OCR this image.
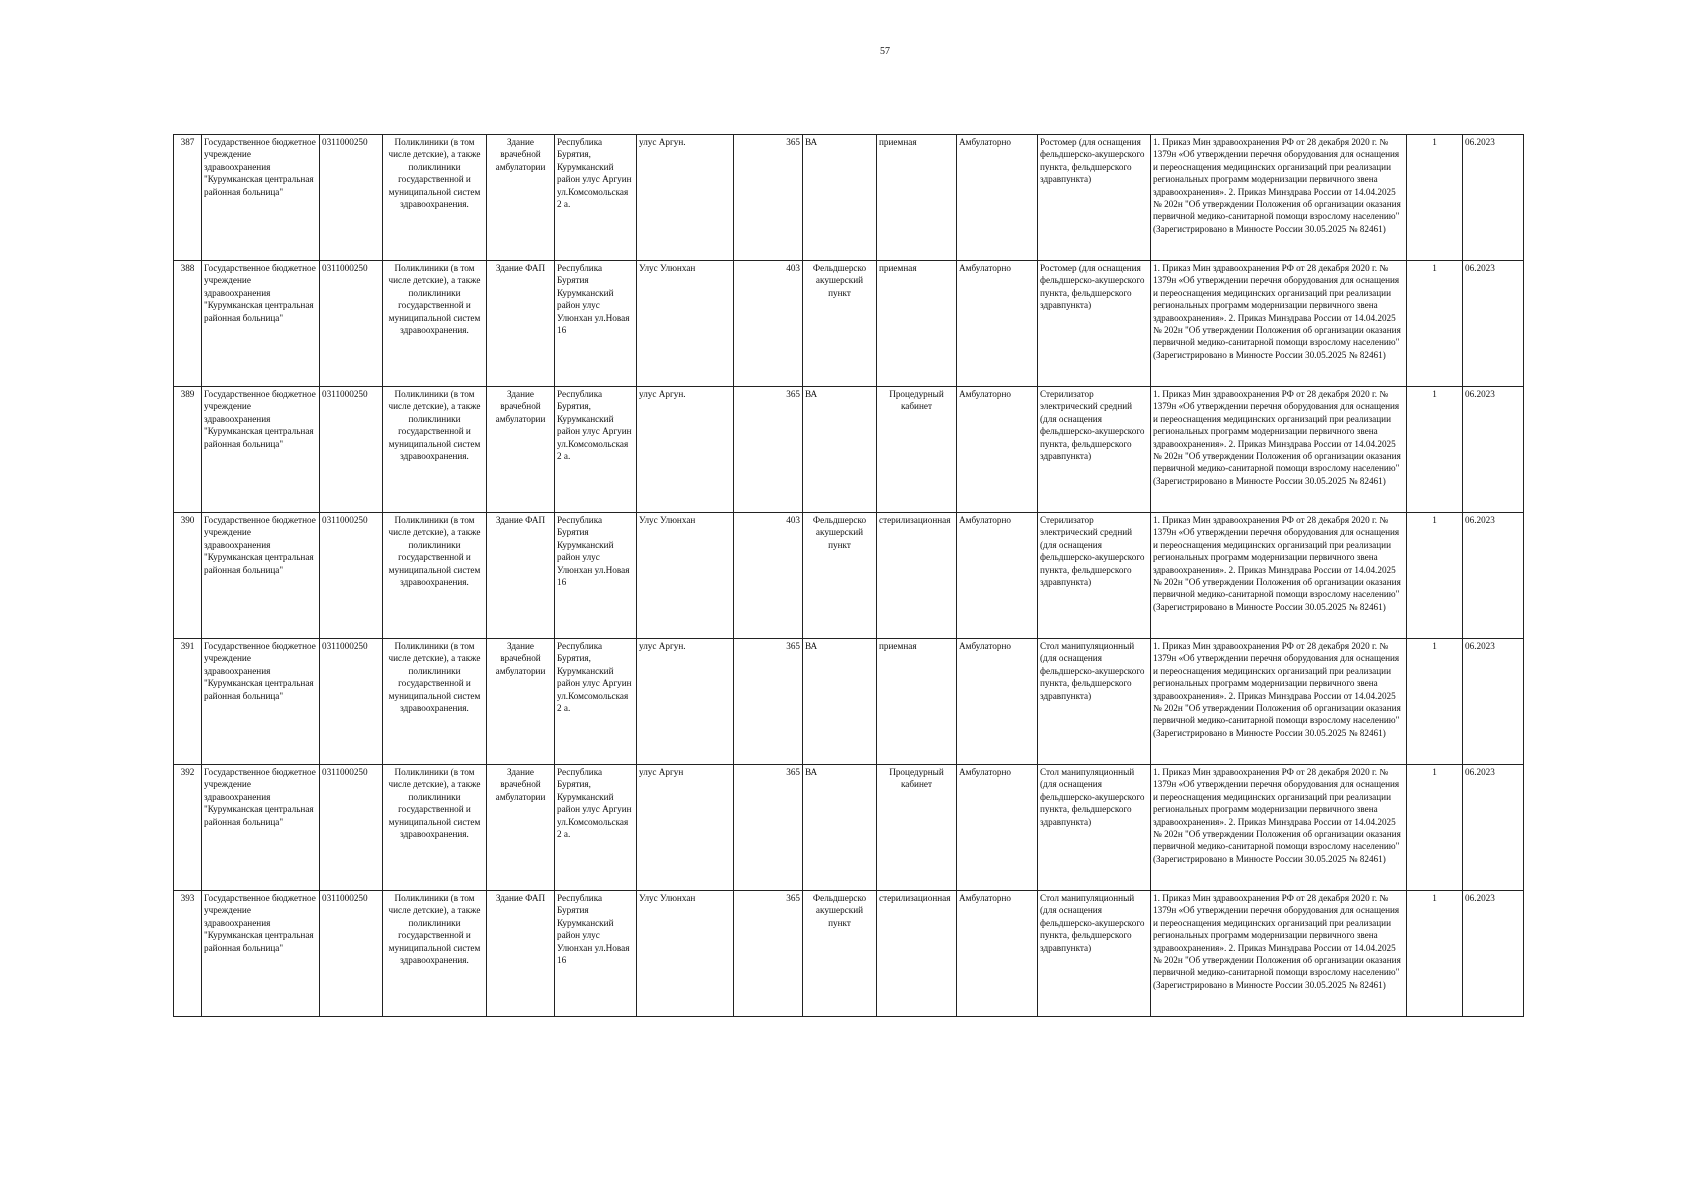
57
387	Государственное бюджетное учреждение здравоохранения "Курумканская центральная районная больница"	0311000250	Поликлиники (в том числе детские), а также поликлиники государственной и муниципальной систем здравоохранения.	Здание врачебной амбулатории	Республика Бурятия, Курумканский район улус Аргуин ул.Комсомольская 2 а.	улус Аргун.	365	ВА	приемная	Амбулаторно	Ростомер (для оснащения фельдшерско-акушерского пункта, фельдшерского здравпункта)	1. Приказ Мин здравоохранения РФ от 28 декабря 2020 г. № 1379н «Об утверждении перечня оборудования для оснащения и переоснащения медицинских организаций при реализации региональных программ модернизации первичного звена здравоохранения». 2. Приказ Минздрава России от 14.04.2025 № 202н "Об утверждении Положения об организации оказания первичной медико-санитарной помощи взрослому населению" (Зарегистрировано в Минюсте России 30.05.2025 № 82461)	1	06.2023
388	Государственное бюджетное учреждение здравоохранения "Курумканская центральная районная больница"	0311000250	Поликлиники (в том числе детские), а также поликлиники государственной и муниципальной систем здравоохранения.	Здание ФАП	Республика Бурятия Курумканский район улус Улюнхан ул.Новая 16	Улус Улюнхан	403	Фельдшерско акушерский пункт	приемная	Амбулаторно	Ростомер (для оснащения фельдшерско-акушерского пункта, фельдшерского здравпункта)	1. Приказ Мин здравоохранения РФ от 28 декабря 2020 г. № 1379н «Об утверждении перечня оборудования для оснащения и переоснащения медицинских организаций при реализации региональных программ модернизации первичного звена здравоохранения». 2. Приказ Минздрава России от 14.04.2025 № 202н "Об утверждении Положения об организации оказания первичной медико-санитарной помощи взрослому населению" (Зарегистрировано в Минюсте России 30.05.2025 № 82461)	1	06.2023
389	Государственное бюджетное учреждение здравоохранения "Курумканская центральная районная больница"	0311000250	Поликлиники (в том числе детские), а также поликлиники государственной и муниципальной систем здравоохранения.	Здание врачебной амбулатории	Республика Бурятия, Курумканский район улус Аргуин ул.Комсомольская 2 а.	улус Аргун.	365	ВА	Процедурный кабинет	Амбулаторно	Стерилизатор электрический средний (для оснащения фельдшерско-акушерского пункта, фельдшерского здравпункта)	1. Приказ Мин здравоохранения РФ от 28 декабря 2020 г. № 1379н «Об утверждении перечня оборудования для оснащения и переоснащения медицинских организаций при реализации региональных программ модернизации первичного звена здравоохранения». 2. Приказ Минздрава России от 14.04.2025 № 202н "Об утверждении Положения об организации оказания первичной медико-санитарной помощи взрослому населению" (Зарегистрировано в Минюсте России 30.05.2025 № 82461)	1	06.2023
390	Государственное бюджетное учреждение здравоохранения "Курумканская центральная районная больница"	0311000250	Поликлиники (в том числе детские), а также поликлиники государственной и муниципальной систем здравоохранения.	Здание ФАП	Республика Бурятия Курумканский район улус Улюнхан ул.Новая 16	Улус Улюнхан	403	Фельдшерско акушерский пункт	стерилизационная	Амбулаторно	Стерилизатор электрический средний (для оснащения фельдшерско-акушерского пункта, фельдшерского здравпункта)	1. Приказ Мин здравоохранения РФ от 28 декабря 2020 г. № 1379н «Об утверждении перечня оборудования для оснащения и переоснащения медицинских организаций при реализации региональных программ модернизации первичного звена здравоохранения». 2. Приказ Минздрава России от 14.04.2025 № 202н "Об утверждении Положения об организации оказания первичной медико-санитарной помощи взрослому населению" (Зарегистрировано в Минюсте России 30.05.2025 № 82461)	1	06.2023
391	Государственное бюджетное учреждение здравоохранения "Курумканская центральная районная больница"	0311000250	Поликлиники (в том числе детские), а также поликлиники государственной и муниципальной систем здравоохранения.	Здание врачебной амбулатории	Республика Бурятия, Курумканский район улус Аргуин ул.Комсомольская 2 а.	улус Аргун.	365	ВА	приемная	Амбулаторно	Стол манипуляционный (для оснащения фельдшерско-акушерского пункта, фельдшерского здравпункта)	1. Приказ Мин здравоохранения РФ от 28 декабря 2020 г. № 1379н «Об утверждении перечня оборудования для оснащения и переоснащения медицинских организаций при реализации региональных программ модернизации первичного звена здравоохранения». 2. Приказ Минздрава России от 14.04.2025 № 202н "Об утверждении Положения об организации оказания первичной медико-санитарной помощи взрослому населению" (Зарегистрировано в Минюсте России 30.05.2025 № 82461)	1	06.2023
392	Государственное бюджетное учреждение здравоохранения "Курумканская центральная районная больница"	0311000250	Поликлиники (в том числе детские), а также поликлиники государственной и муниципальной систем здравоохранения.	Здание врачебной амбулатории	Республика Бурятия, Курумканский район улус Аргуин ул.Комсомольская 2 а.	улус Аргун	365	ВА	Процедурный кабинет	Амбулаторно	Стол манипуляционный (для оснащения фельдшерско-акушерского пункта, фельдшерского здравпункта)	1. Приказ Мин здравоохранения РФ от 28 декабря 2020 г. № 1379н «Об утверждении перечня оборудования для оснащения и переоснащения медицинских организаций при реализации региональных программ модернизации первичного звена здравоохранения». 2. Приказ Минздрава России от 14.04.2025 № 202н "Об утверждении Положения об организации оказания первичной медико-санитарной помощи взрослому населению" (Зарегистрировано в Минюсте России 30.05.2025 № 82461)	1	06.2023
393	Государственное бюджетное учреждение здравоохранения "Курумканская центральная районная больница"	0311000250	Поликлиники (в том числе детские), а также поликлиники государственной и муниципальной систем здравоохранения.	Здание ФАП	Республика Бурятия Курумканский район улус Улюнхан ул.Новая 16	Улус Улюнхан	365	Фельдшерско акушерский пункт	стерилизационная	Амбулаторно	Стол манипуляционный (для оснащения фельдшерско-акушерского пункта, фельдшерского здравпункта)	1. Приказ Мин здравоохранения РФ от 28 декабря 2020 г. № 1379н «Об утверждении перечня оборудования для оснащения и переоснащения медицинских организаций при реализации региональных программ модернизации первичного звена здравоохранения». 2. Приказ Минздрава России от 14.04.2025 № 202н "Об утверждении Положения об организации оказания первичной медико-санитарной помощи взрослому населению" (Зарегистрировано в Минюсте России 30.05.2025 № 82461)	1	06.2023
